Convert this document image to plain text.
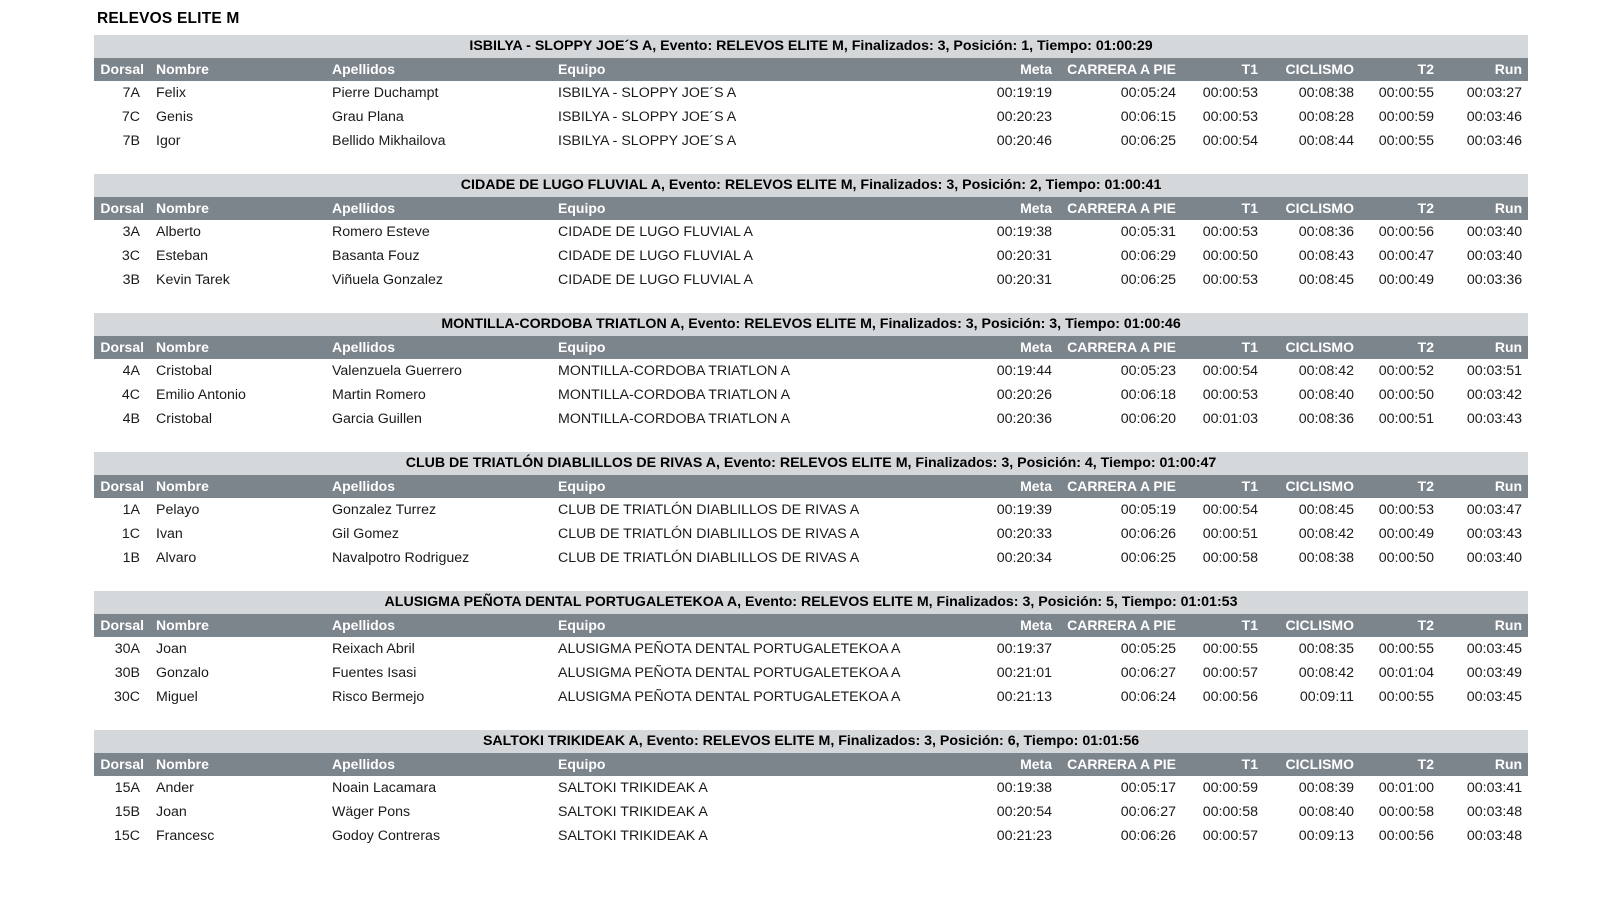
RELEVOS ELITE M
ISBILYA - SLOPPY JOE´S A, Evento: RELEVOS ELITE M, Finalizados: 3, Posición: 1, Tiempo: 01:00:29									
Dorsal	Nombre	Apellidos	Equipo	Meta	CARRERA A PIE	T1	CICLISMO	T2	Run
7A	Felix	Pierre Duchampt	ISBILYA - SLOPPY JOE´S A	00:19:19	00:05:24	00:00:53	00:08:38	00:00:55	00:03:27
7C	Genis	Grau Plana	ISBILYA - SLOPPY JOE´S A	00:20:23	00:06:15	00:00:53	00:08:28	00:00:59	00:03:46
7B	Igor	Bellido Mikhailova	ISBILYA - SLOPPY JOE´S A	00:20:46	00:06:25	00:00:54	00:08:44	00:00:55	00:03:46
CIDADE DE LUGO FLUVIAL A, Evento: RELEVOS ELITE M, Finalizados: 3, Posición: 2, Tiempo: 01:00:41									
Dorsal	Nombre	Apellidos	Equipo	Meta	CARRERA A PIE	T1	CICLISMO	T2	Run
3A	Alberto	Romero Esteve	CIDADE DE LUGO FLUVIAL A	00:19:38	00:05:31	00:00:53	00:08:36	00:00:56	00:03:40
3C	Esteban	Basanta Fouz	CIDADE DE LUGO FLUVIAL A	00:20:31	00:06:29	00:00:50	00:08:43	00:00:47	00:03:40
3B	Kevin Tarek	Viñuela Gonzalez	CIDADE DE LUGO FLUVIAL A	00:20:31	00:06:25	00:00:53	00:08:45	00:00:49	00:03:36
MONTILLA-CORDOBA TRIATLON A, Evento: RELEVOS ELITE M, Finalizados: 3, Posición: 3, Tiempo: 01:00:46									
Dorsal	Nombre	Apellidos	Equipo	Meta	CARRERA A PIE	T1	CICLISMO	T2	Run
4A	Cristobal	Valenzuela Guerrero	MONTILLA-CORDOBA TRIATLON A	00:19:44	00:05:23	00:00:54	00:08:42	00:00:52	00:03:51
4C	Emilio Antonio	Martin Romero	MONTILLA-CORDOBA TRIATLON A	00:20:26	00:06:18	00:00:53	00:08:40	00:00:50	00:03:42
4B	Cristobal	Garcia Guillen	MONTILLA-CORDOBA TRIATLON A	00:20:36	00:06:20	00:01:03	00:08:36	00:00:51	00:03:43
CLUB DE TRIATLÓN DIABLILLOS DE RIVAS A, Evento: RELEVOS ELITE M, Finalizados: 3, Posición: 4, Tiempo: 01:00:47									
Dorsal	Nombre	Apellidos	Equipo	Meta	CARRERA A PIE	T1	CICLISMO	T2	Run
1A	Pelayo	Gonzalez Turrez	CLUB DE TRIATLÓN DIABLILLOS DE RIVAS A	00:19:39	00:05:19	00:00:54	00:08:45	00:00:53	00:03:47
1C	Ivan	Gil Gomez	CLUB DE TRIATLÓN DIABLILLOS DE RIVAS A	00:20:33	00:06:26	00:00:51	00:08:42	00:00:49	00:03:43
1B	Alvaro	Navalpotro Rodriguez	CLUB DE TRIATLÓN DIABLILLOS DE RIVAS A	00:20:34	00:06:25	00:00:58	00:08:38	00:00:50	00:03:40
ALUSIGMA PEÑOTA DENTAL PORTUGALETEKOA A, Evento: RELEVOS ELITE M, Finalizados: 3, Posición: 5, Tiempo: 01:01:53									
Dorsal	Nombre	Apellidos	Equipo	Meta	CARRERA A PIE	T1	CICLISMO	T2	Run
30A	Joan	Reixach Abril	ALUSIGMA PEÑOTA DENTAL PORTUGALETEKOA A	00:19:37	00:05:25	00:00:55	00:08:35	00:00:55	00:03:45
30B	Gonzalo	Fuentes Isasi	ALUSIGMA PEÑOTA DENTAL PORTUGALETEKOA A	00:21:01	00:06:27	00:00:57	00:08:42	00:01:04	00:03:49
30C	Miguel	Risco Bermejo	ALUSIGMA PEÑOTA DENTAL PORTUGALETEKOA A	00:21:13	00:06:24	00:00:56	00:09:11	00:00:55	00:03:45
SALTOKI TRIKIDEAK A, Evento: RELEVOS ELITE M, Finalizados: 3, Posición: 6, Tiempo: 01:01:56									
Dorsal	Nombre	Apellidos	Equipo	Meta	CARRERA A PIE	T1	CICLISMO	T2	Run
15A	Ander	Noain Lacamara	SALTOKI TRIKIDEAK A	00:19:38	00:05:17	00:00:59	00:08:39	00:01:00	00:03:41
15B	Joan	Wäger Pons	SALTOKI TRIKIDEAK A	00:20:54	00:06:27	00:00:58	00:08:40	00:00:58	00:03:48
15C	Francesc	Godoy Contreras	SALTOKI TRIKIDEAK A	00:21:23	00:06:26	00:00:57	00:09:13	00:00:56	00:03:48
